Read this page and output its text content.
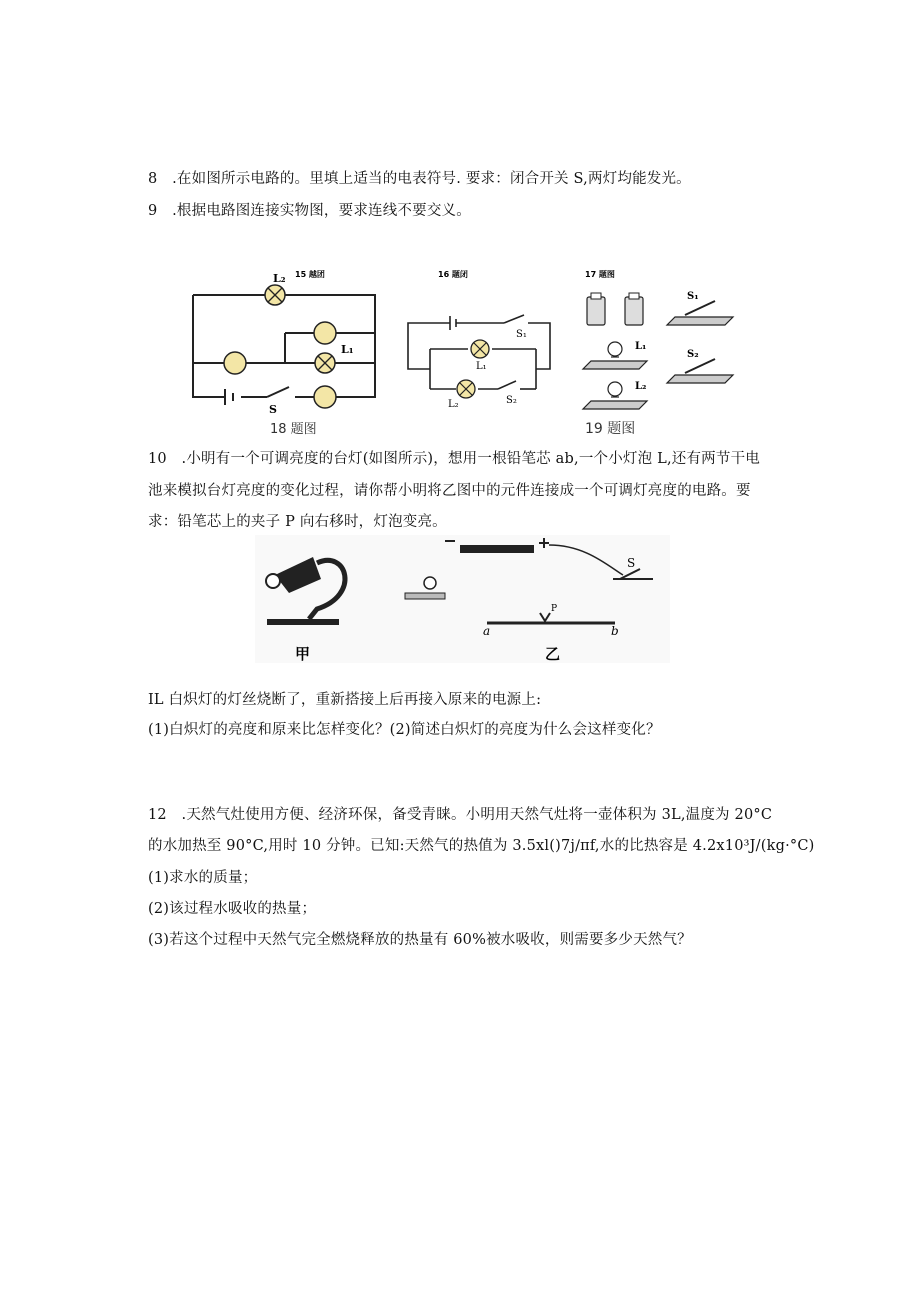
8　.在如图所示电路的。里填上适当的电表符号. 要求：闭合开关 S,两灯均能发光。
9　.根据电路图连接实物图，要求连线不要交义。
15 越团
L₂
L₁
S
16 题闭
S₁
L₁
L₂	S₂
17 题图
S₁
S₂
L₁
L₂
18 题图	19 题图
10　.小明有一个可调亮度的台灯(如图所示)，想用一根铅笔芯 ab,一个小灯泡 L,还有两节干电
池来模拟台灯亮度的变化过程，请你帮小明将乙图中的元件连接成一个可调灯亮度的电路。要
求：铅笔芯上的夹子 P 向右移时，灯泡变亮。
甲
S
a	b
P
乙
IL 白炽灯的灯丝烧断了，重新搭接上后再接入原来的电源上:
(1)白炽灯的亮度和原来比怎样变化？(2)简述白炽灯的亮度为什么会这样变化？
12　.天然气灶使用方便、经济环保，备受青睐。小明用天然气灶将一壶体积为 3L,温度为 20°C
的水加热至 90°C,用时 10 分钟。已知:天然气的热值为 3.5xl()7j∕πf,水的比热容是 4.2x10³J/(kg·°C)
(1)求水的质量；
(2)该过程水吸收的热量；
(3)若这个过程中天然气完全燃烧释放的热量有 60%被水吸收，则需要多少天然气？
